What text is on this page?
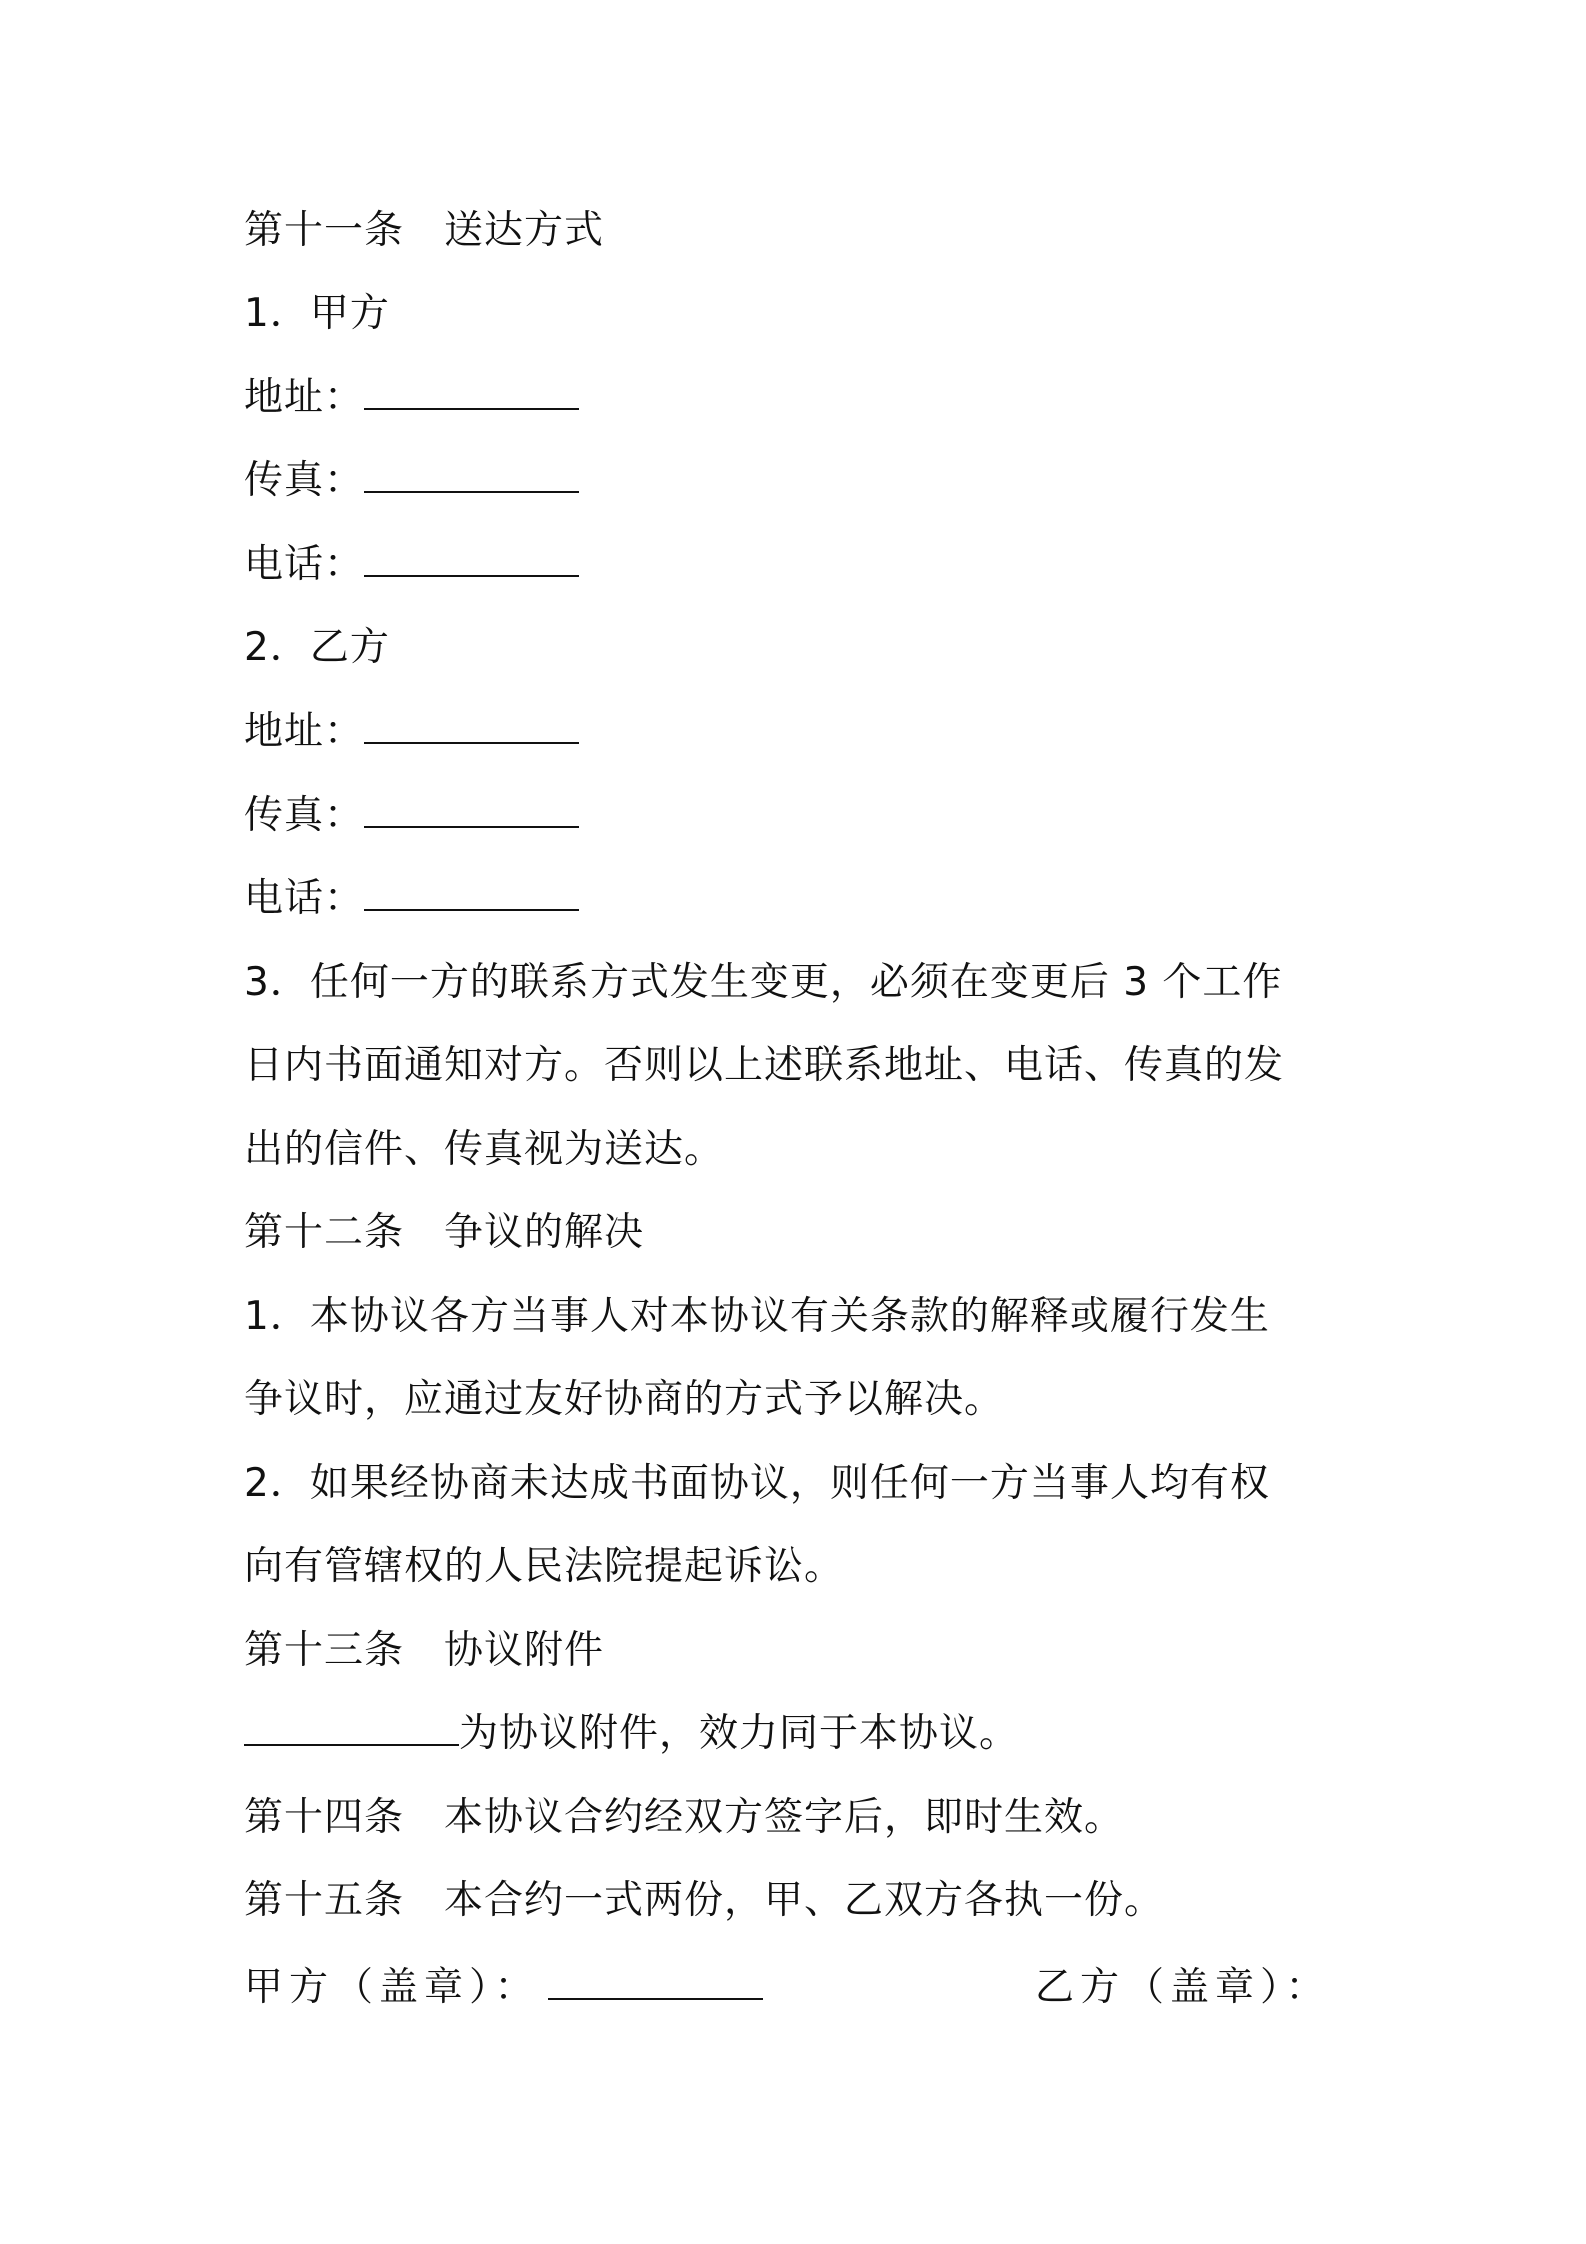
第十一条　送达方式
1．甲方
地址：
传真：
电话：
2．乙方
地址：
传真：
电话：
3．任何一方的联系方式发生变更，必须在变更后 3 个工作
日内书面通知对方。否则以上述联系地址、电话、传真的发
出的信件、传真视为送达。
第十二条　争议的解决
1．本协议各方当事人对本协议有关条款的解释或履行发生
争议时，应通过友好协商的方式予以解决。
2．如果经协商未达成书面协议，则任何一方当事人均有权
向有管辖权的人民法院提起诉讼。
第十三条　协议附件
为协议附件，效力同于本协议。
第十四条　本协议合约经双方签字后，即时生效。
第十五条　本合约一式两份，甲、乙双方各执一份。
甲方（盖章）：	乙方（盖章）：
